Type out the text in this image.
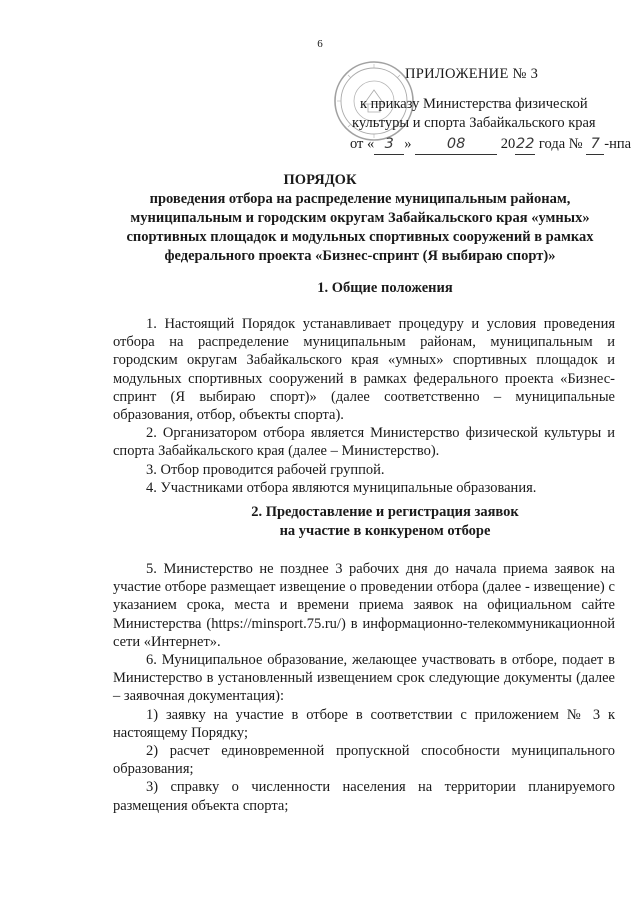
6
ПРИЛОЖЕНИЕ № 3
к приказу Министерства физической
культуры и спорта Забайкальского края
от « 3 » 08 2022 года № 7 -нпа
ПОРЯДОК
проведения отбора на распределение муниципальным районам, муниципальным и городским округам Забайкальского края «умных» спортивных площадок и модульных спортивных сооружений в рамках федерального проекта «Бизнес-спринт (Я выбираю спорт)»
1. Общие положения

1. Настоящий Порядок устанавливает процедуру и условия проведения отбора на распределение муниципальным районам, муниципальным и городским округам Забайкальского края «умных» спортивных площадок и модульных спортивных сооружений в рамках федерального проекта «Бизнес-спринт (Я выбираю спорт)» (далее соответственно – муниципальные образования, отбор, объекты спорта).

2. Организатором отбора является Министерство физической культуры и спорта Забайкальского края (далее – Министерство).

3. Отбор проводится рабочей группой.

4. Участниками отбора являются муниципальные образования.

2. Предоставление и регистрация заявок
на участие в конкуреном отборе

5. Министерство не позднее 3 рабочих дня до начала приема заявок на участие отборе размещает извещение о проведении отбора (далее - извещение) с указанием срока, места и времени приема заявок на официальном сайте Министерства (https://minsport.75.ru/) в информационно-телекоммуникационной сети «Интернет».

6. Муниципальное образование, желающее участвовать в отборе, подает в Министерство в установленный извещением срок следующие документы (далее – заявочная документация):

1) заявку на участие в отборе в соответствии с приложением № 3 к настоящему Порядку;

2) расчет единовременной пропускной способности муниципального образования;

3) справку о численности населения на территории планируемого размещения объекта спорта;
